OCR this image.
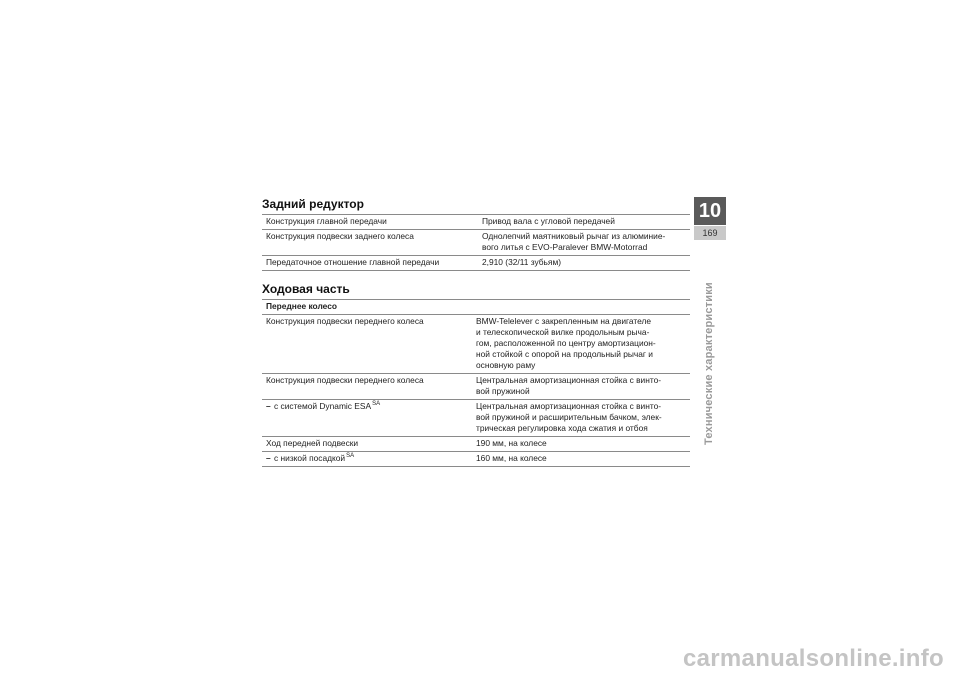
Задний редуктор
Конструкция главной передачи	Привод вала с угловой передачей

Конструкция подвески заднего колеса	Однолепчий маятниковый рычаг из алюминие-
вого литья с EVO-Paralever BMW-Motorrad

Передаточное отношение главной передачи	2,910 (32/11 зубьям)
Ходовая часть
Переднее колесо	
Конструкция подвески переднего колеса	BMW-Telelever с закрепленным на двигателе
и телескопической вилке продольным рыча-
гом, расположенной по центру амортизацион-
ной стойкой с опорой на продольный рычаг и
основную раму

Конструкция подвески переднего колеса	Центральная амортизационная стойка с винто-
вой пружиной

– с системой Dynamic $ESA^{SA}$	Центральная амортизационная стойка с винто-
вой пружиной и расширительным бачком, элек-
трическая регулировка хода сжатия и отбоя

Ход передней подвески	190 мм, на колесе

– с низкой посадкой$^{SA}$	160 мм, на колесе
10
169
Технические характеристики
carmanualsonline.info
